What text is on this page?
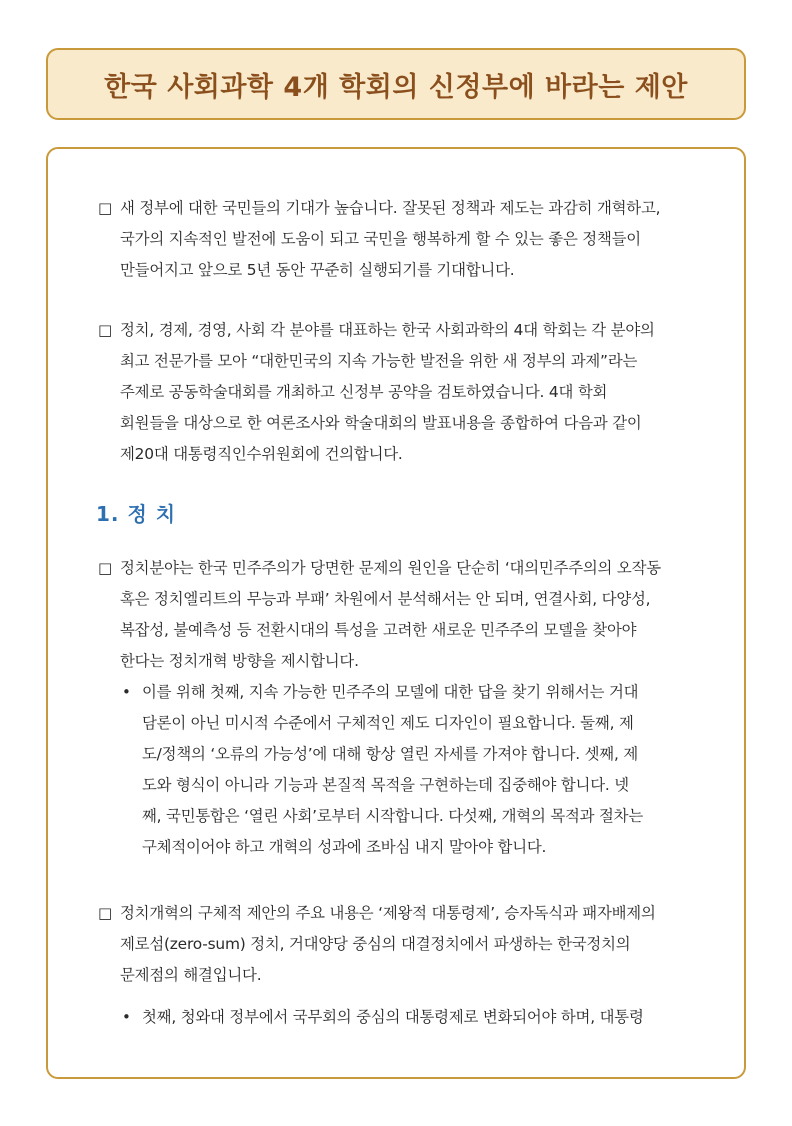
한국 사회과학 4개 학회의 신정부에 바라는 제안
□ 새 정부에 대한 국민들의 기대가 높습니다. 잘못된 정책과 제도는 과감히 개혁하고,
국가의 지속적인 발전에 도움이 되고 국민을 행복하게 할 수 있는 좋은 정책들이
만들어지고 앞으로 5년 동안 꾸준히 실행되기를 기대합니다.
□ 정치, 경제, 경영, 사회 각 분야를 대표하는 한국 사회과학의 4대 학회는 각 분야의
최고 전문가를 모아 “대한민국의 지속 가능한 발전을 위한 새 정부의 과제”라는
주제로 공동학술대회를 개최하고 신정부 공약을 검토하였습니다. 4대 학회
회원들을 대상으로 한 여론조사와 학술대회의 발표내용을 종합하여 다음과 같이
제20대 대통령직인수위원회에 건의합니다.
1. 정 치
□ 정치분야는 한국 민주주의가 당면한 문제의 원인을 단순히 ‘대의민주주의의 오작동
혹은 정치엘리트의 무능과 부패’ 차원에서 분석해서는 안 되며, 연결사회, 다양성,
복잡성, 불예측성 등 전환시대의 특성을 고려한 새로운 민주주의 모델을 찾아야
한다는 정치개혁 방향을 제시합니다.
• 이를 위해 첫째, 지속 가능한 민주주의 모델에 대한 답을 찾기 위해서는 거대
담론이 아닌 미시적 수준에서 구체적인 제도 디자인이 필요합니다. 둘째, 제
도/정책의 ‘오류의 가능성’에 대해 항상 열린 자세를 가져야 합니다. 셋째, 제
도와 형식이 아니라 기능과 본질적 목적을 구현하는데 집중해야 합니다. 넷
째, 국민통합은 ‘열린 사회’로부터 시작합니다. 다섯째, 개혁의 목적과 절차는
구체적이어야 하고 개혁의 성과에 조바심 내지 말아야 합니다.
□ 정치개혁의 구체적 제안의 주요 내용은 ‘제왕적 대통령제’, 승자독식과 패자배제의
제로섬(zero-sum) 정치, 거대양당 중심의 대결정치에서 파생하는 한국정치의
문제점의 해결입니다.
• 첫째, 청와대 정부에서 국무회의 중심의 대통령제로 변화되어야 하며, 대통령
